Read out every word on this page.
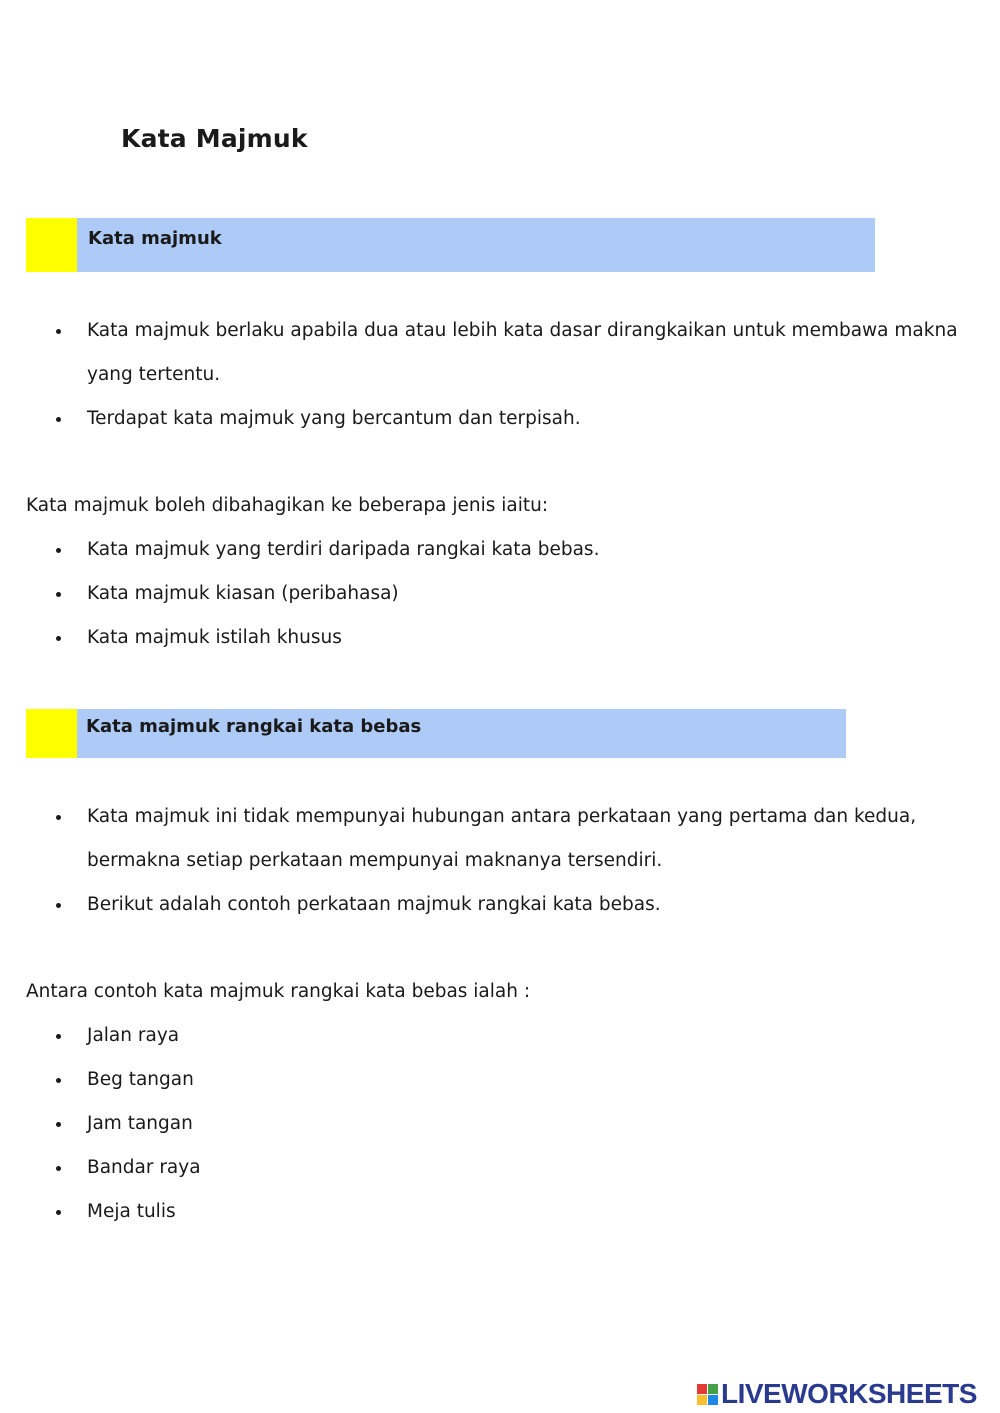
Kata Majmuk
Kata majmuk
Kata majmuk berlaku apabila dua atau lebih kata dasar dirangkaikan untuk membawa makna yang tertentu.
Terdapat kata majmuk yang bercantum dan terpisah.

Kata majmuk boleh dibahagikan ke beberapa jenis iaitu:

Kata majmuk yang terdiri daripada rangkai kata bebas.
Kata majmuk kiasan (peribahasa)
Kata majmuk istilah khusus
Kata majmuk rangkai kata bebas
Kata majmuk ini tidak mempunyai hubungan antara perkataan yang pertama dan kedua, bermakna setiap perkataan mempunyai maknanya tersendiri.
Berikut adalah contoh perkataan majmuk rangkai kata bebas.

Antara contoh kata majmuk rangkai kata bebas ialah :

Jalan raya
Beg tangan
Jam tangan
Bandar raya
Meja tulis
LIVEWORKSHEETS
